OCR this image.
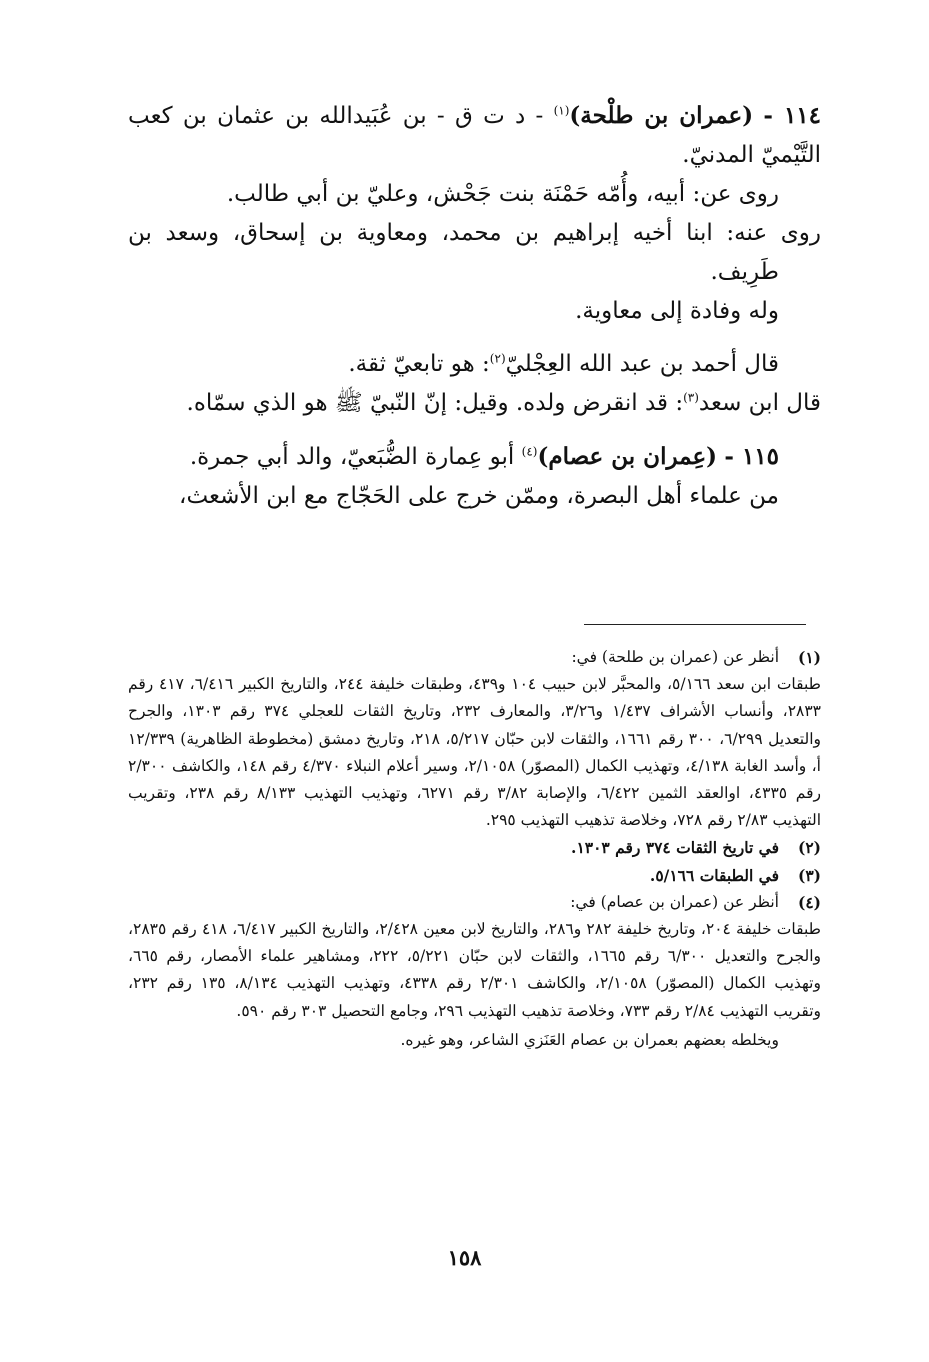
١١٤ - (عمران بن طلْحة)$^{(١)}$ - د ت ق - بن عُبَيدالله بن عثمان بن كعب التَّيْميّ المدنيّ.

روى عن: أبيه، وأُمّه حَمْنَة بنت جَحْش، وعليّ بن أبي طالب.

روى عنه: ابنا أخيه إبراهيم بن محمد، ومعاوية بن إسحاق، وسعد بن طَرِيف.

وله وفادة إلى معاوية.

قال أحمد بن عبد الله العِجْليّ$^{(٢)}$: هو تابعيّ ثقة.

قال ابن سعد$^{(٣)}$: قد انقرض ولده. وقيل: إنّ النّبيّ ﷺ هو الذي سمّاه.

١١٥ - (عِمران بن عصام)$^{(٤)}$ أبو عِمارة الضُّبَعيّ، والد أبي جمرة.

من علماء أهل البصرة، وممّن خرج على الحَجّاج مع ابن الأشعث،

(١)

أنظر عن (عمران بن طلحة) في:

طبقات ابن سعد ٥/١٦٦، والمحبَّر لابن حبيب ١٠٤ و٤٣٩، وطبقات خليفة ٢٤٤، والتاريخ الكبير ٦/٤١٦، ٤١٧ رقم ٢٨٣٣، وأنساب الأشراف ١/٤٣٧ و٣/٢٦، والمعارف ٢٣٢، وتاريخ الثقات للعجلي ٣٧٤ رقم ١٣٠٣، والجرح والتعديل ٦/٢٩٩، ٣٠٠ رقم ١٦٦١، والثقات لابن حبّان ٥/٢١٧، ٢١٨، وتاريخ دمشق (مخطوطة الظاهرية) ١٢/٣٣٩ أ، وأسد الغابة ٤/١٣٨، وتهذيب الكمال (المصوّر) ٢/١٠٥٨، وسير أعلام النبلاء ٤/٣٧٠ رقم ١٤٨، والكاشف ٢/٣٠٠ رقم ٤٣٣٥، اوالعقد الثمين ٦/٤٢٢، والإصابة ٣/٨٢ رقم ٦٢٧١، وتهذيب التهذيب ٨/١٣٣ رقم ٢٣٨، وتقريب التهذيب ٢/٨٣ رقم ٧٢٨، وخلاصة تذهيب التهذيب ٢٩٥.

(٢)

في تاريخ الثقات ٣٧٤ رقم ١٣٠٣.

(٣)

في الطبقات ٥/١٦٦.

(٤)

أنظر عن (عمران بن عصام) في:

طبقات خليفة ٢٠٤، وتاريخ خليفة ٢٨٢ و٢٨٦، والتاريخ لابن معين ٢/٤٢٨، والتاريخ الكبير ٦/٤١٧، ٤١٨ رقم ٢٨٣٥، والجرح والتعديل ٦/٣٠٠ رقم ١٦٦٥، والثقات لابن حبّان ٥/٢٢١، ٢٢٢، ومشاهير علماء الأمصار، رقم ٦٦٥، وتهذيب الكمال (المصوّر) ٢/١٠٥٨، والكاشف ٢/٣٠١ رقم ٤٣٣٨، وتهذيب التهذيب ٨/١٣٤، ١٣٥ رقم ٢٣٢، وتقريب التهذيب ٢/٨٤ رقم ٧٣٣، وخلاصة تذهيب التهذيب ٢٩٦، وجامع التحصيل ٣٠٣ رقم ٥٩٠.

ويخلطه بعضهم بعمران بن عصام العَنَزي الشاعر، وهو غيره.

١٥٨
